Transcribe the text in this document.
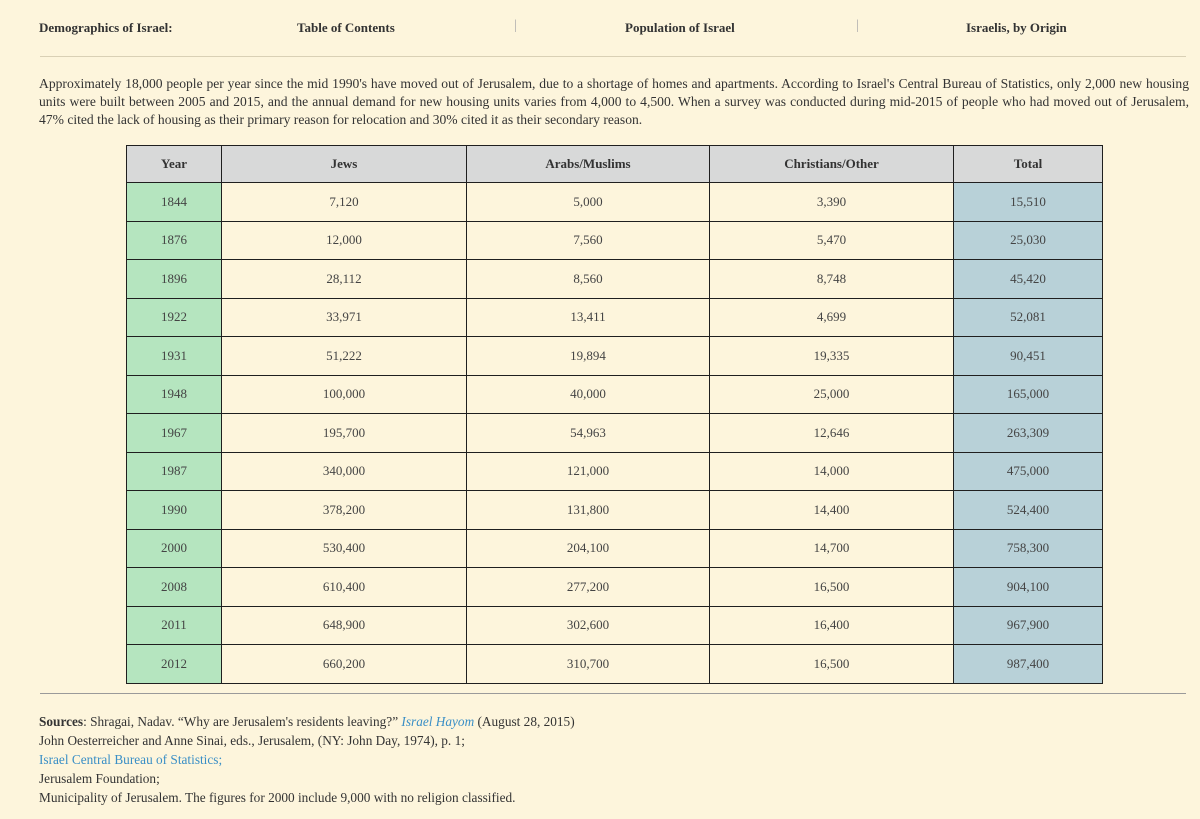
Demographics of Israel:	Table of Contents	|	Population of Israel	|	Israelis, by Origin
Approximately 18,000 people per year since the mid 1990's have moved out of Jerusalem, due to a shortage of homes and apartments. According to Israel's Central Bureau of Statistics, only 2,000 new housing units were built between 2005 and 2015, and the annual demand for new housing units varies from 4,000 to 4,500. When a survey was conducted during mid-2015 of people who had moved out of Jerusalem, 47% cited the lack of housing as their primary reason for relocation and 30% cited it as their secondary reason.
Year	Jews	Arabs/Muslims	Christians/Other	Total
1844	7,120	5,000	3,390	15,510
1876	12,000	7,560	5,470	25,030
1896	28,112	8,560	8,748	45,420
1922	33,971	13,411	4,699	52,081
1931	51,222	19,894	19,335	90,451
1948	100,000	40,000	25,000	165,000
1967	195,700	54,963	12,646	263,309
1987	340,000	121,000	14,000	475,000
1990	378,200	131,800	14,400	524,400
2000	530,400	204,100	14,700	758,300
2008	610,400	277,200	16,500	904,100
2011	648,900	302,600	16,400	967,900
2012	660,200	310,700	16,500	987,400
Sources: Shragai, Nadav. “Why are Jerusalem's residents leaving?” Israel Hayom (August 28, 2015)
John Oesterreicher and Anne Sinai, eds., Jerusalem, (NY: John Day, 1974), p. 1;
Israel Central Bureau of Statistics;
Jerusalem Foundation;
Municipality of Jerusalem. The figures for 2000 include 9,000 with no religion classified.
